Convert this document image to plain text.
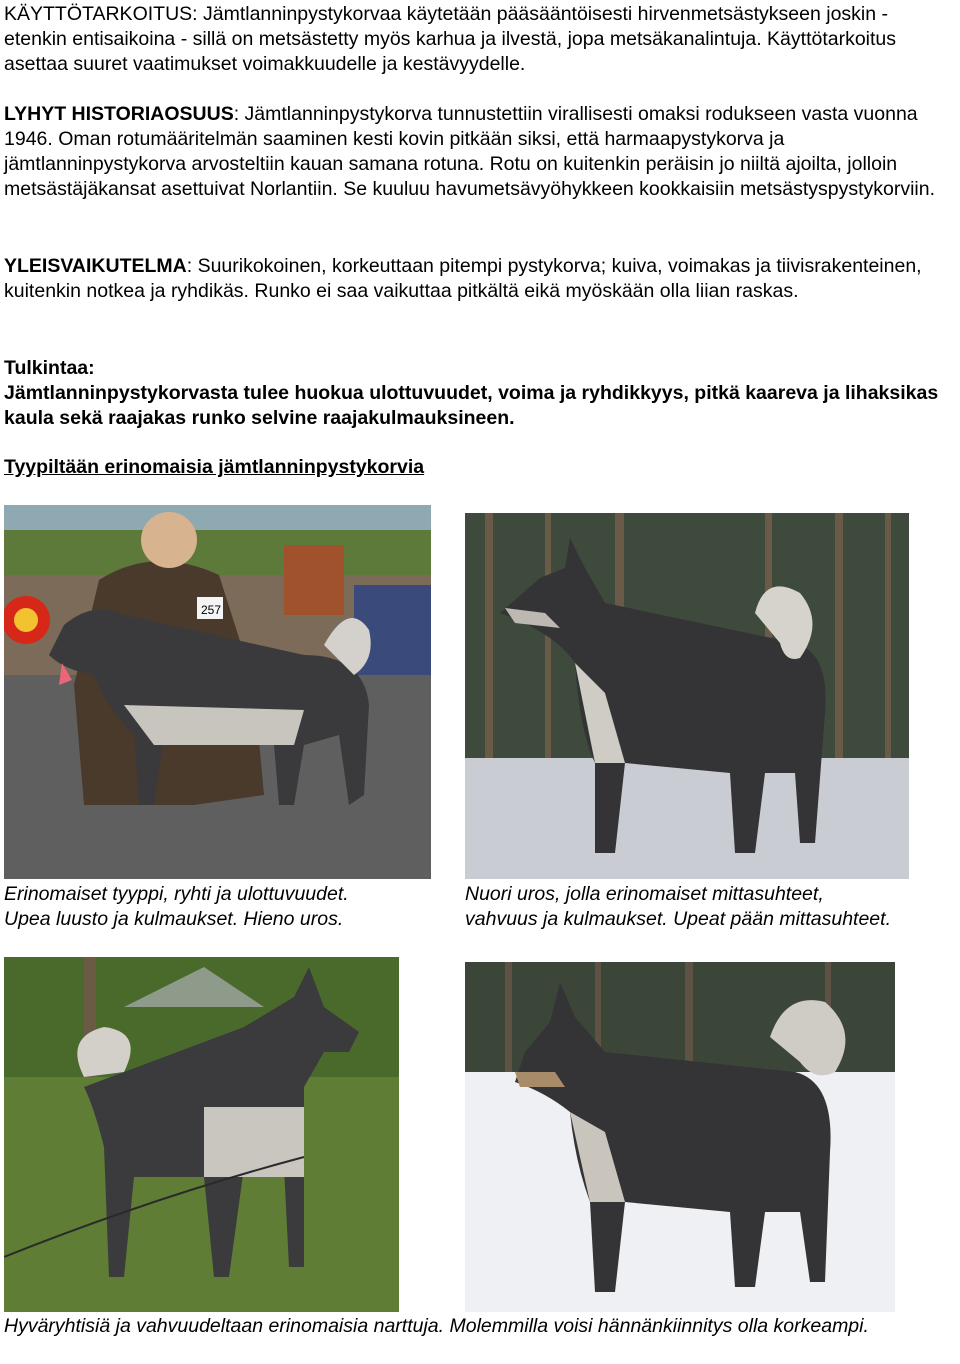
KÄYTTÖTARKOITUS: Jämtlanninpystykorvaa käytetään pääsääntöisesti hirvenmetsästykseen joskin - etenkin entisaikoina - sillä on metsästetty myös karhua ja ilvestä, jopa metsäkanalintuja. Käyttötarkoitus asettaa suuret vaatimukset voimakkuudelle ja kestävyydelle.

LYHYT HISTORIAOSUUS: Jämtlanninpystykorva tunnustettiin virallisesti omaksi rodukseen vasta vuonna 1946. Oman rotumääritelmän saaminen kesti kovin pitkään siksi, että harmaapystykorva ja jämtlanninpystykorva arvosteltiin kauan samana rotuna. Rotu on kuitenkin peräisin jo niiltä ajoilta, jolloin metsästäjäkansat asettuivat Norlantiin. Se kuuluu havumetsävyöhykkeen kookkaisiin metsästyspystykorviin.

YLEISVAIKUTELMA: Suurikokoinen, korkeuttaan pitempi pystykorva; kuiva, voimakas ja tiivisrakenteinen, kuitenkin notkea ja ryhdikäs. Runko ei saa vaikuttaa pitkältä eikä myöskään olla liian raskas.

Tulkintaa:
Jämtlanninpystykorvasta tulee huokua ulottuvuudet, voima ja ryhdikkyys, pitkä kaareva ja lihaksikas kaula sekä raajakas runko selvine raajakulmauksineen.

Tyypiltään erinomaisia jämtlanninpystykorvia

257
Erinomaiset tyyppi, ryhti ja ulottuvuudet.
Upea luusto ja kulmaukset. Hieno uros.
Nuori uros, jolla erinomaiset mittasuhteet,
vahvuus ja kulmaukset. Upeat pään mittasuhteet.

Hyväryhtisiä ja vahvuudeltaan erinomaisia narttuja. Molemmilla voisi hännänkiinnitys olla korkeampi.
